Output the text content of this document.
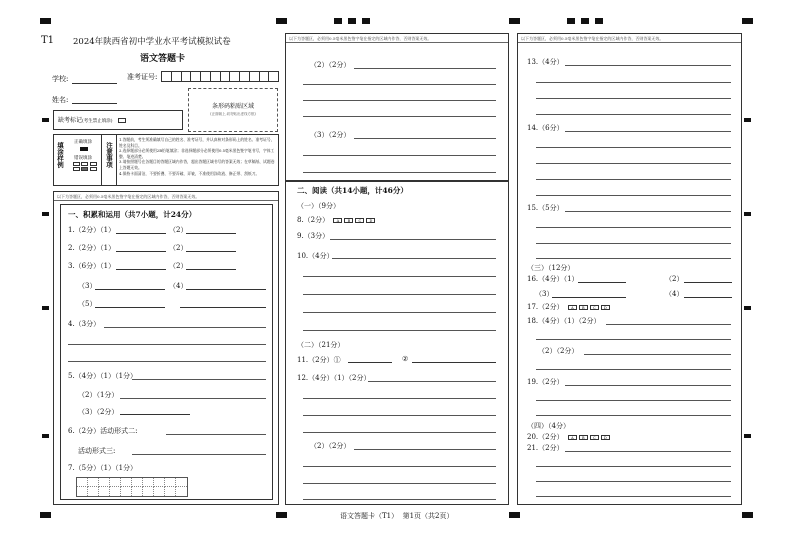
T1 2024年陕西省初中学业水平考试模拟试卷
语文答题卡
学校:	准考证号:
姓名:
缺考标记(考生禁止填涂)
条形码粘贴区域
(正面朝上,切勿贴出虚线方框)
填涂样例 正确填涂
错误填涂

注意事项
1.答题前，考生须准确填写自己的姓名、准考证号，并认真核对条形码上的姓名、准考证号，姓名及科目。
2.选择题部分必须使用2B铅笔填涂；非选择题部分必须使用0.5毫米黑色签字笔书写，字体工整、笔迹清楚。
3.请按照题号在各题目的答题区域内作答，超出答题区域书写的答案无效；在草稿纸、试题卷上答题无效。
4.保持卡面清洁，不要折叠、不要弄破、弄皱，不准使用涂改液、修正带、刮纸刀。
以下为答题区，必须用0.5毫米黑色签字笔在指定的区域内作答，否则答案无效。
一、积累和运用（共7小题，计24分）
1.（2分）（1）	（2）
2.（2分）（1）	（2）
3.（6分）（1）	（2）
（3）	（4）
（5）
4.（3分）
5.（4分）（1）（1分）
（2）（1分）
（3）（2分）
6.（2分）活动形式二:
活动形式三:
7.（5分）（1）（1分）
以下为答题区，必须用0.5毫米黑色签字笔在指定的区域内作答，否则答案无效。
（2）（2分）
（3）（2分）
二、阅读（共14小题，计46分）
（一）（9分）
8.（2分） A B C D
9.（3分）
10.（4分）
（二）（21分）
11.（2分）①	②
12.（4分）（1）（2分）
（2）（2分）
以下为答题区，必须用0.5毫米黑色签字笔在指定的区域内作答，否则答案无效。
13.（4分）
14.（6分）
15.（5分）
（三）（12分）
16.（4分）（1）	（2）
（3）	（4）
17.（2分） A B C D
18.（4分）（1）（2分）
（2）（2分）
19.（2分）
（四）（4分）
20.（2分） A B C D
21.（2分）
语文答题卡（T1）  第1页（共2页）
